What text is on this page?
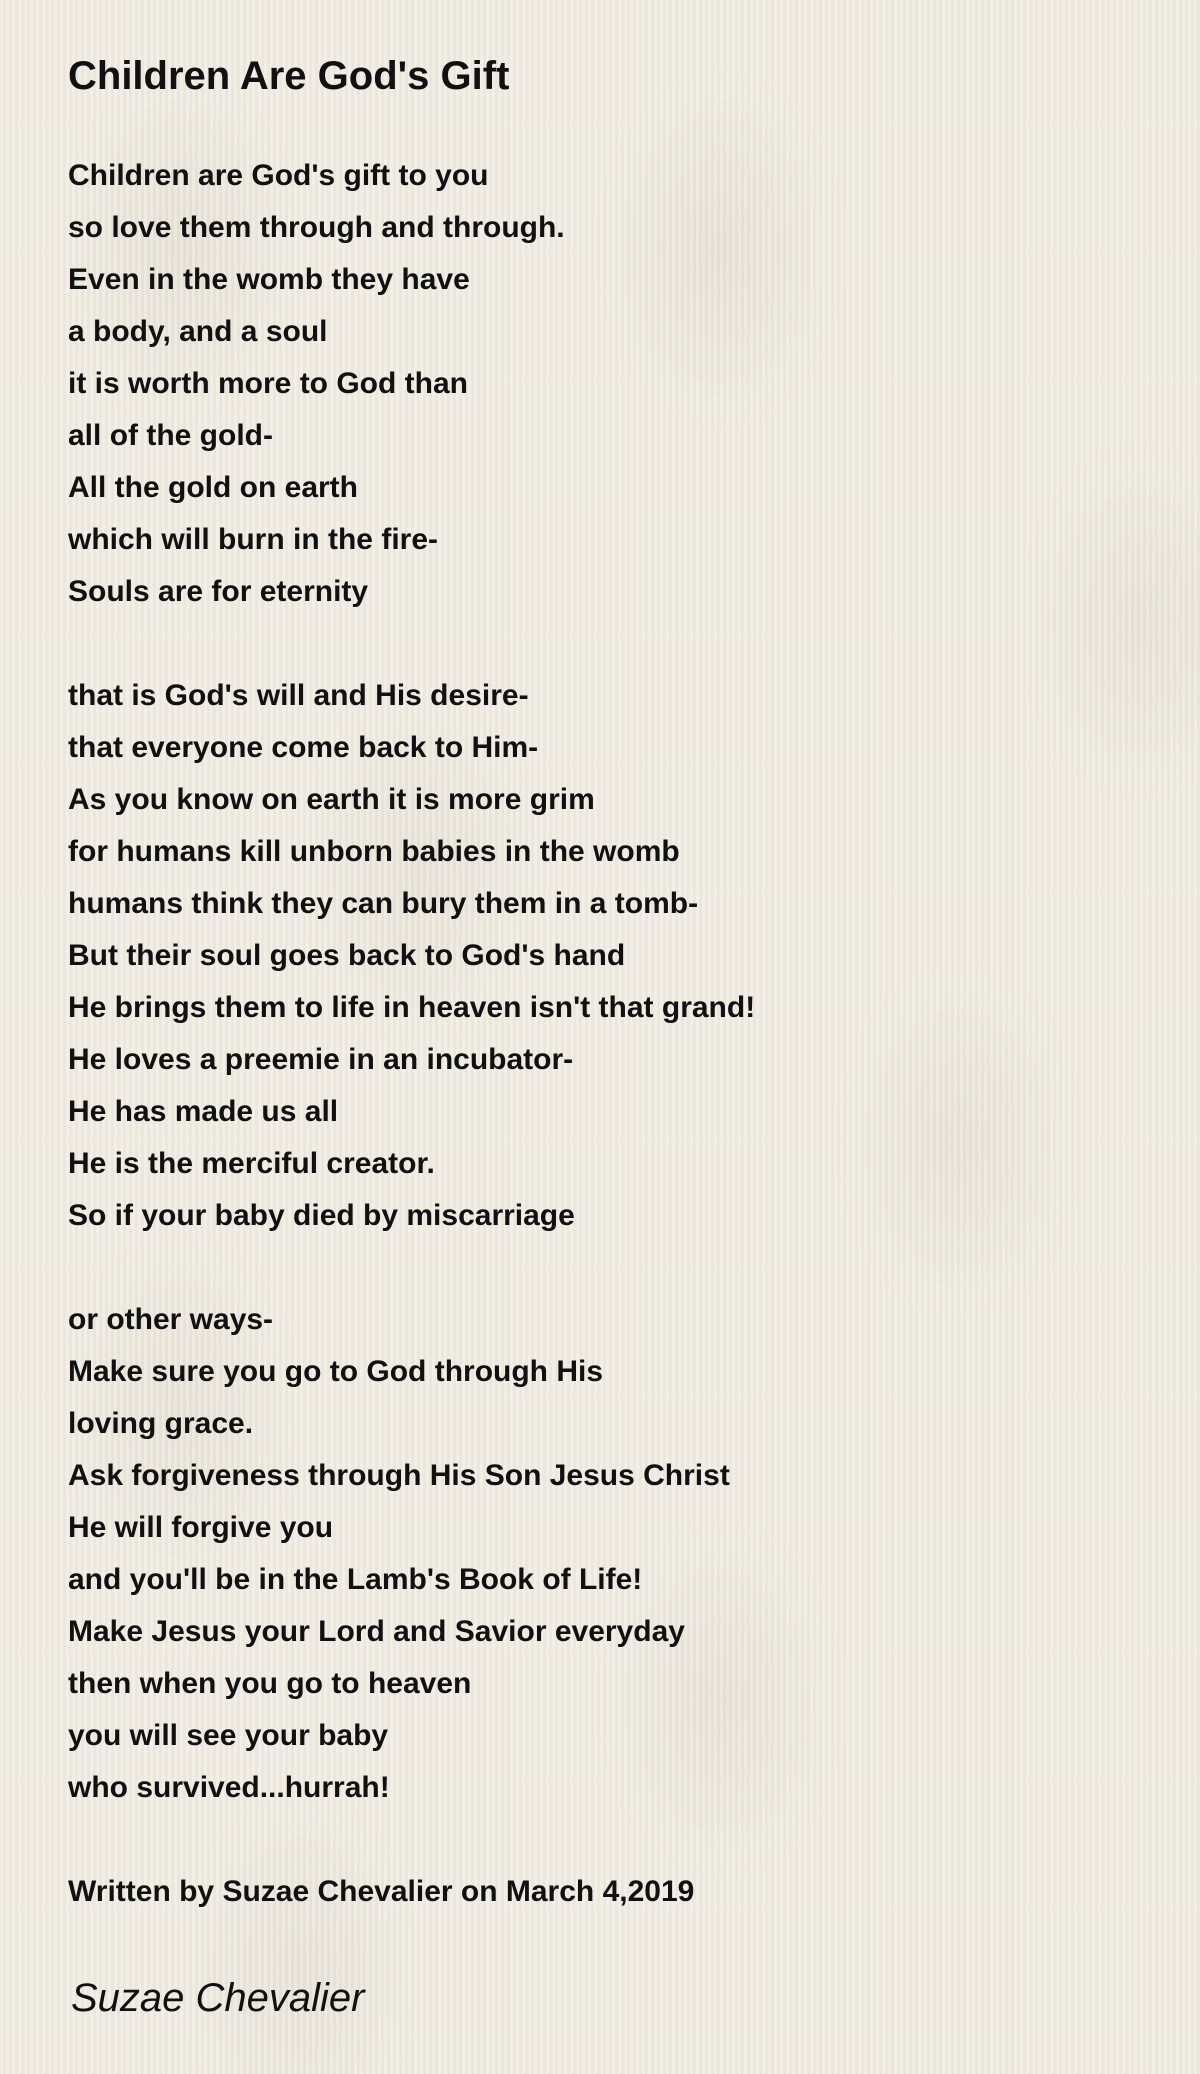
Children Are God's Gift
Children are God's gift to you
so love them through and through.
Even in the womb they have
a body, and a soul
it is worth more to God than
all of the gold-
All the gold on earth
which will burn in the fire-
Souls are for eternity
that is God's will and His desire-
that everyone come back to Him-
As you know on earth it is more grim
for humans kill unborn babies in the womb
humans think they can bury them in a tomb-
But their soul goes back to God's hand
He brings them to life in heaven isn't that grand!
He loves a preemie in an incubator-
He has made us all
He is the merciful creator.
So if your baby died by miscarriage
or other ways-
Make sure you go to God through His
loving grace.
Ask forgiveness through His Son Jesus Christ
He will forgive you
and you'll be in the Lamb's Book of Life!
Make Jesus your Lord and Savior everyday
then when you go to heaven
you will see your baby
who survived...hurrah!
Written by Suzae Chevalier on March 4,2019
Suzae Chevalier
